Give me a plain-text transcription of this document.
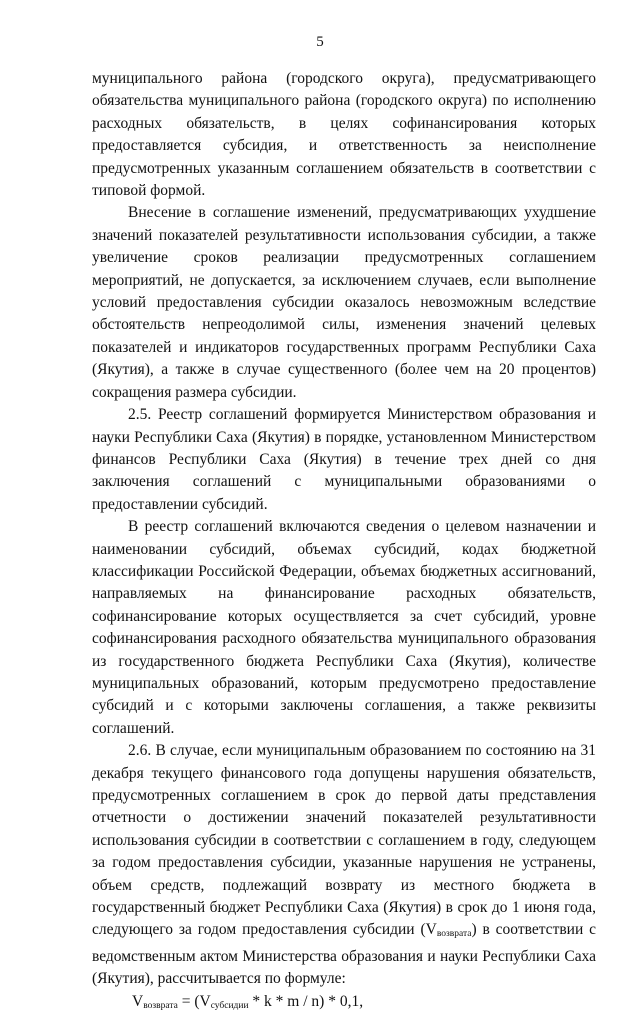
5

муниципального района (городского округа), предусматривающего обязательства муниципального района (городского округа) по исполнению расходных обязательств, в целях софинансирования которых предоставляется субсидия, и ответственность за неисполнение предусмотренных указанным соглашением обязательств в соответствии с типовой формой.

Внесение в соглашение изменений, предусматривающих ухудшение значений показателей результативности использования субсидии, а также увеличение сроков реализации предусмотренных соглашением мероприятий, не допускается, за исключением случаев, если выполнение условий предоставления субсидии оказалось невозможным вследствие обстоятельств непреодолимой силы, изменения значений целевых показателей и индикаторов государственных программ Республики Саха (Якутия), а также в случае существенного (более чем на 20 процентов) сокращения размера субсидии.

2.5. Реестр соглашений формируется Министерством образования и науки Республики Саха (Якутия) в порядке, установленном Министерством финансов Республики Саха (Якутия) в течение трех дней со дня заключения соглашений с муниципальными образованиями о предоставлении субсидий.

В реестр соглашений включаются сведения о целевом назначении и наименовании субсидий, объемах субсидий, кодах бюджетной классификации Российской Федерации, объемах бюджетных ассигнований, направляемых на финансирование расходных обязательств, софинансирование которых осуществляется за счет субсидий, уровне софинансирования расходного обязательства муниципального образования из государственного бюджета Республики Саха (Якутия), количестве муниципальных образований, которым предусмотрено предоставление субсидий и с которыми заключены соглашения, а также реквизиты соглашений.

2.6. В случае, если муниципальным образованием по состоянию на 31 декабря текущего финансового года допущены нарушения обязательств, предусмотренных соглашением в срок до первой даты представления отчетности о достижении значений показателей результативности использования субсидии в соответствии с соглашением в году, следующем за годом предоставления субсидии, указанные нарушения не устранены, объем средств, подлежащий возврату из местного бюджета в государственный бюджет Республики Саха (Якутия) в срок до 1 июня года, следующего за годом предоставления субсидии (Vвозврата) в соответствии с ведомственным актом Министерства образования и науки Республики Саха (Якутия), рассчитывается по формуле:

$V_{возврата} = (V_{субсидии} * k * m / n) * 0,1$,
